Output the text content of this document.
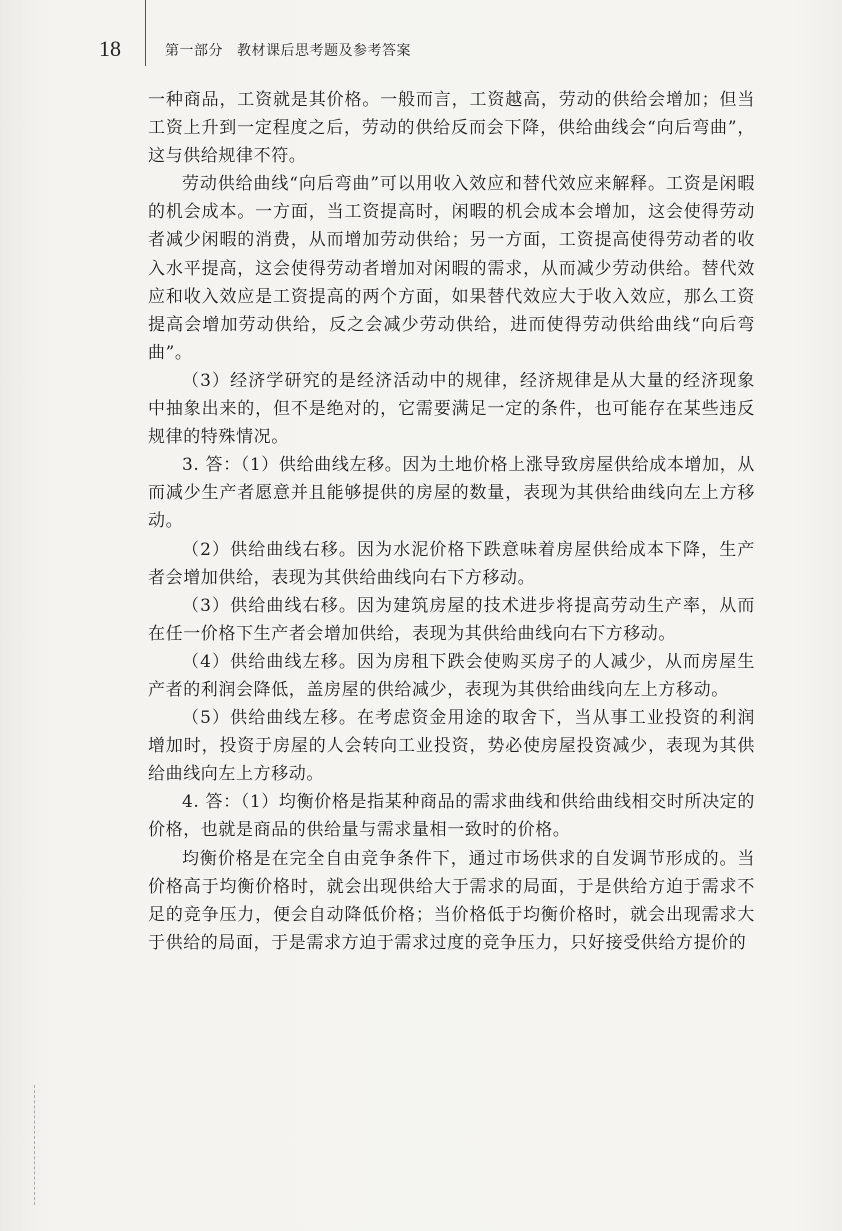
18	第一部分 教材课后思考题及参考答案

一种商品，工资就是其价格。一般而言，工资越高，劳动的供给会增加；但当工资上升到一定程度之后，劳动的供给反而会下降，供给曲线会“向后弯曲”，这与供给规律不符。

劳动供给曲线“向后弯曲”可以用收入效应和替代效应来解释。工资是闲暇的机会成本。一方面，当工资提高时，闲暇的机会成本会增加，这会使得劳动者减少闲暇的消费，从而增加劳动供给；另一方面，工资提高使得劳动者的收入水平提高，这会使得劳动者增加对闲暇的需求，从而减少劳动供给。替代效应和收入效应是工资提高的两个方面，如果替代效应大于收入效应，那么工资提高会增加劳动供给，反之会减少劳动供给，进而使得劳动供给曲线“向后弯曲”。

（3）经济学研究的是经济活动中的规律，经济规律是从大量的经济现象中抽象出来的，但不是绝对的，它需要满足一定的条件，也可能存在某些违反规律的特殊情况。

3. 答：（1）供给曲线左移。因为土地价格上涨导致房屋供给成本增加，从而减少生产者愿意并且能够提供的房屋的数量，表现为其供给曲线向左上方移动。

（2）供给曲线右移。因为水泥价格下跌意味着房屋供给成本下降，生产者会增加供给，表现为其供给曲线向右下方移动。

（3）供给曲线右移。因为建筑房屋的技术进步将提高劳动生产率，从而在任一价格下生产者会增加供给，表现为其供给曲线向右下方移动。

（4）供给曲线左移。因为房租下跌会使购买房子的人减少，从而房屋生产者的利润会降低，盖房屋的供给减少，表现为其供给曲线向左上方移动。

（5）供给曲线左移。在考虑资金用途的取舍下，当从事工业投资的利润增加时，投资于房屋的人会转向工业投资，势必使房屋投资减少，表现为其供给曲线向左上方移动。

4. 答：（1）均衡价格是指某种商品的需求曲线和供给曲线相交时所决定的价格，也就是商品的供给量与需求量相一致时的价格。

均衡价格是在完全自由竞争条件下，通过市场供求的自发调节形成的。当价格高于均衡价格时，就会出现供给大于需求的局面，于是供给方迫于需求不足的竞争压力，便会自动降低价格；当价格低于均衡价格时，就会出现需求大于供给的局面，于是需求方迫于需求过度的竞争压力，只好接受供给方提价的
